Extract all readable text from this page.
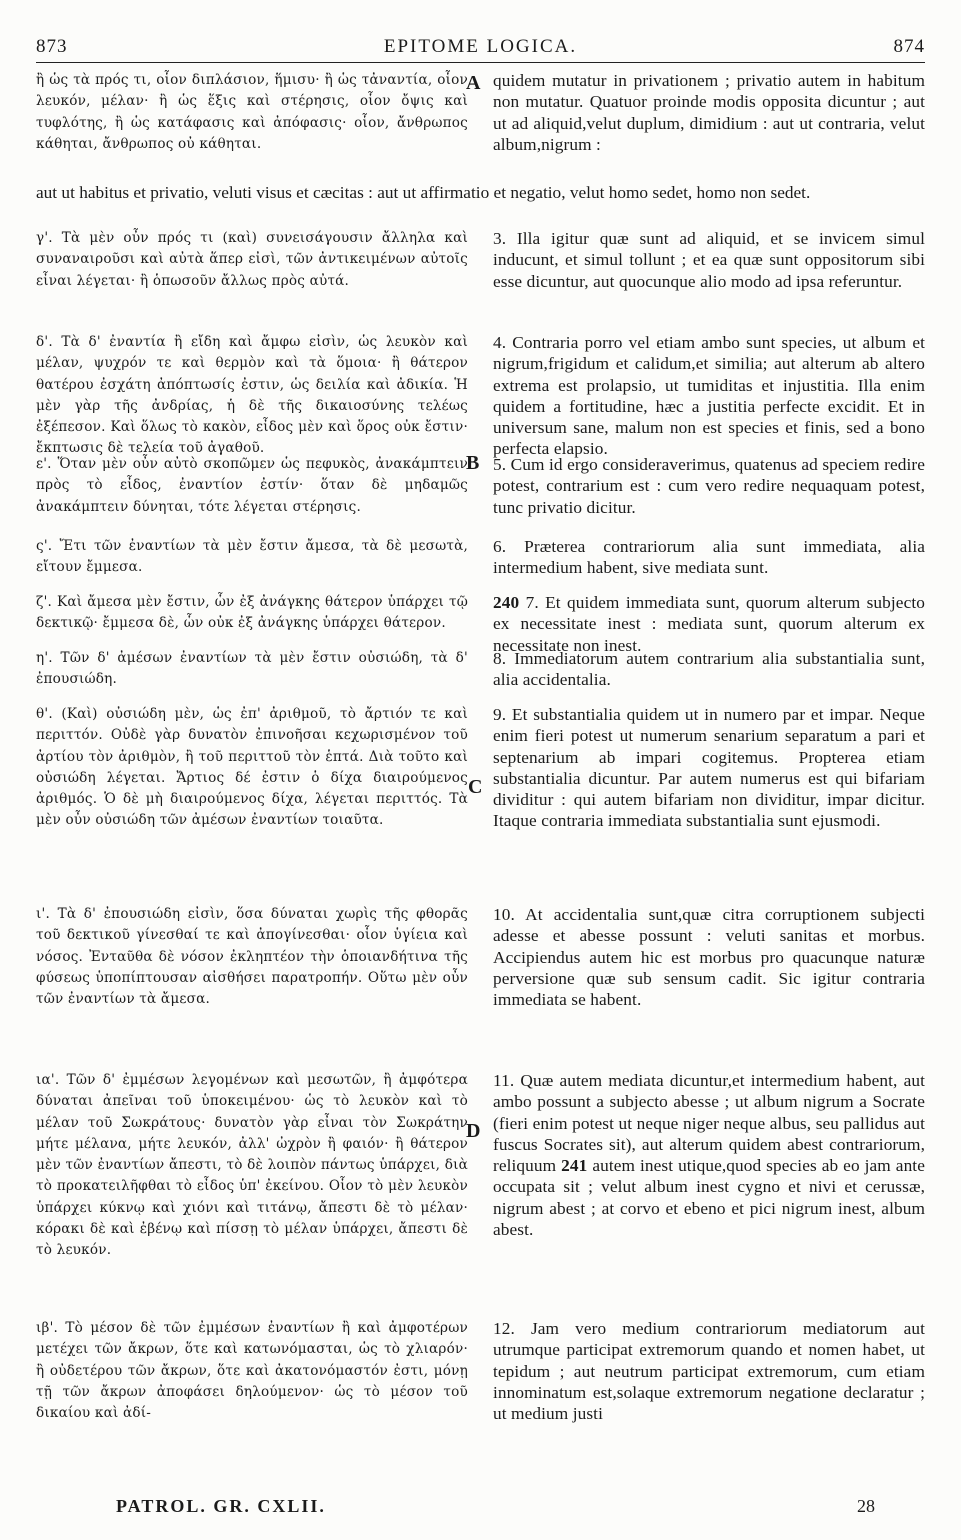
873	EPITOME LOGICA.	874
A
B
C
D
ἢ ὡς τὰ πρός τι, οἷον διπλάσιον, ἥμισυ· ἢ ὡς τἀναντία, οἷον λευκόν, μέλαν· ἢ ὡς ἕξις καὶ στέρησις, οἷον ὄψις καὶ τυφλότης, ἢ ὡς κατάφασις καὶ ἀπόφασις· οἷον, ἄνθρωπος κάθηται, ἄνθρωπος οὐ κάθηται.
quidem mutatur in privationem ; privatio autem in habitum non mutatur. Quatuor proinde modis opposita dicuntur ; aut ut ad aliquid,velut duplum, dimidium : aut ut contraria, velut album,nigrum :
aut ut habitus et privatio, veluti visus et cæcitas : aut ut affirmatio et negatio, velut homo sedet, homo non sedet.
γ'. Τὰ μὲν οὖν πρός τι (καὶ) συνεισάγουσιν ἄλληλα καὶ συναναιροῦσι καὶ αὐτὰ ἅπερ εἰσὶ, τῶν ἀντικειμένων αὐτοῖς εἶναι λέγεται· ἢ ὁπωσοῦν ἄλλως πρὸς αὐτά.
3. Illa igitur quæ sunt ad aliquid, et se invicem simul inducunt, et simul tollunt ; et ea quæ sunt oppositorum sibi esse dicuntur, aut quocunque alio modo ad ipsa referuntur.
δ'. Τὰ δ' ἐναντία ἢ εἴδη καὶ ἄμφω εἰσὶν, ὡς λευκὸν καὶ μέλαν, ψυχρόν τε καὶ θερμὸν καὶ τὰ ὅμοια· ἢ θάτερον θατέρου ἐσχάτη ἀπόπτωσίς ἐστιν, ὡς δειλία καὶ ἀδικία. Ἡ μὲν γὰρ τῆς ἀνδρίας, ἡ δὲ τῆς δικαιοσύνης τελέως ἐξέπεσον. Καὶ ὅλως τὸ κακὸν, εἶδος μὲν καὶ ὅρος οὐκ ἔστιν· ἔκπτωσις δὲ τελεία τοῦ ἀγαθοῦ.
4. Contraria porro vel etiam ambo sunt species, ut album et nigrum,frigidum et calidum,et similia; aut alterum ab altero extrema est prolapsio, ut tumiditas et injustitia. Illa enim quidem a fortitudine, hæc a justitia perfecte excidit. Et in universum sane, malum non est species et finis, sed a bono perfecta elapsio.
ε'. Ὅταν μὲν οὖν αὐτὸ σκοπῶμεν ὡς πεφυκὸς, ἀνακάμπτειν πρὸς τὸ εἶδος, ἐναντίον ἐστίν· ὅταν δὲ μηδαμῶς ἀνακάμπτειν δύνηται, τότε λέγεται στέρησις.
5. Cum id ergo consideraverimus, quatenus ad speciem redire potest, contrarium est : cum vero redire nequaquam potest, tunc privatio dicitur.
ς'. Ἔτι τῶν ἐναντίων τὰ μὲν ἔστιν ἄμεσα, τὰ δὲ μεσωτὰ, εἴτουν ἔμμεσα.
6. Præterea contrariorum alia sunt immediata, alia intermedium habent, sive mediata sunt.
ζ'. Καὶ ἄμεσα μὲν ἔστιν, ὧν ἐξ ἀνάγκης θάτερον ὑπάρχει τῷ δεκτικῷ· ἔμμεσα δὲ, ὧν οὐκ ἐξ ἀνάγκης ὑπάρχει θάτερον.
240 7. Et quidem immediata sunt, quorum alterum subjecto ex necessitate inest : mediata sunt, quorum alterum ex necessitate non inest.
η'. Τῶν δ' ἀμέσων ἐναντίων τὰ μὲν ἔστιν οὐσιώδη, τὰ δ' ἐπουσιώδη.
8. Immediatorum autem contrarium alia substantialia sunt, alia accidentalia.
θ'. (Καὶ) οὐσιώδη μὲν, ὡς ἐπ' ἀριθμοῦ, τὸ ἄρτιόν τε καὶ περιττόν. Οὐδὲ γὰρ δυνατὸν ἐπινοῆσαι κεχωρισμένον τοῦ ἀρτίου τὸν ἀριθμὸν, ἢ τοῦ περιττοῦ τὸν ἑπτά. Διὰ τοῦτο καὶ οὐσιώδη λέγεται. Ἄρτιος δέ ἐστιν ὁ δίχα διαιρούμενος ἀριθμός. Ὁ δὲ μὴ διαιρούμενος δίχα, λέγεται περιττός. Τὰ μὲν οὖν οὐσιώδη τῶν ἀμέσων ἐναντίων τοιαῦτα.
9. Et substantialia quidem ut in numero par et impar. Neque enim fieri potest ut numerum senarium separatum a pari et septenarium ab impari cogitemus. Propterea etiam substantialia dicuntur. Par autem numerus est qui bifariam dividitur : qui autem bifariam non dividitur, impar dicitur. Itaque contraria immediata substantialia sunt ejusmodi.
ι'. Τὰ δ' ἐπουσιώδη εἰσὶν, ὅσα δύναται χωρὶς τῆς φθορᾶς τοῦ δεκτικοῦ γίνεσθαί τε καὶ ἀπογίνεσθαι· οἷον ὑγίεια καὶ νόσος. Ἐνταῦθα δὲ νόσον ἐκληπτέον τὴν ὁποιανδήτινα τῆς φύσεως ὑποπίπτουσαν αἰσθήσει παρατροπήν. Οὕτω μὲν οὖν τῶν ἐναντίων τὰ ἄμεσα.
10. At accidentalia sunt,quæ citra corruptionem subjecti adesse et abesse possunt : veluti sanitas et morbus. Accipiendus autem hic est morbus pro quacunque naturæ perversione quæ sub sensum cadit. Sic igitur contraria immediata se habent.
ια'. Τῶν δ' ἐμμέσων λεγομένων καὶ μεσωτῶν, ἢ ἀμφότερα δύναται ἀπεῖναι τοῦ ὑποκειμένου· ὡς τὸ λευκὸν καὶ τὸ μέλαν τοῦ Σωκράτους· δυνατὸν γὰρ εἶναι τὸν Σωκράτην μήτε μέλανα, μήτε λευκόν, ἀλλ' ὠχρὸν ἢ φαιόν· ἢ θάτερον μὲν τῶν ἐναντίων ἄπεστι, τὸ δὲ λοιπὸν πάντως ὑπάρχει, διὰ τὸ προκατειλῆφθαι τὸ εἶδος ὑπ' ἐκείνου. Οἷον τὸ μὲν λευκὸν ὑπάρχει κύκνῳ καὶ χιόνι καὶ τιτάνῳ, ἄπεστι δὲ τὸ μέλαν· κόρακι δὲ καὶ ἐβένῳ καὶ πίσσῃ τὸ μέλαν ὑπάρχει, ἄπεστι δὲ τὸ λευκόν.
11. Quæ autem mediata dicuntur,et intermedium habent, aut ambo possunt a subjecto abesse ; ut album nigrum a Socrate (fieri enim potest ut neque niger neque albus, seu pallidus aut fuscus Socrates sit), aut alterum quidem abest contrariorum, reliquum 241 autem inest utique,quod species ab eo jam ante occupata sit ; velut album inest cygno et nivi et cerussæ, nigrum abest ; at corvo et ebeno et pici nigrum inest, album abest.
ιβ'. Τὸ μέσον δὲ τῶν ἐμμέσων ἐναντίων ἢ καὶ ἀμφοτέρων μετέχει τῶν ἄκρων, ὅτε καὶ κατωνόμασται, ὡς τὸ χλιαρόν· ἢ οὐδετέρου τῶν ἄκρων, ὅτε καὶ ἀκατονόμαστόν ἐστι, μόνῃ τῇ τῶν ἄκρων ἀποφάσει δηλούμενον· ὡς τὸ μέσον τοῦ δικαίου καὶ ἀδί-
12. Jam vero medium contrariorum mediatorum aut utrumque participat extremorum quando et nomen habet, ut tepidum ; aut neutrum participat extremorum, cum etiam innominatum est,solaque extremorum negatione declaratur ; ut medium justi
PATROL. GR. CXLII.	28
